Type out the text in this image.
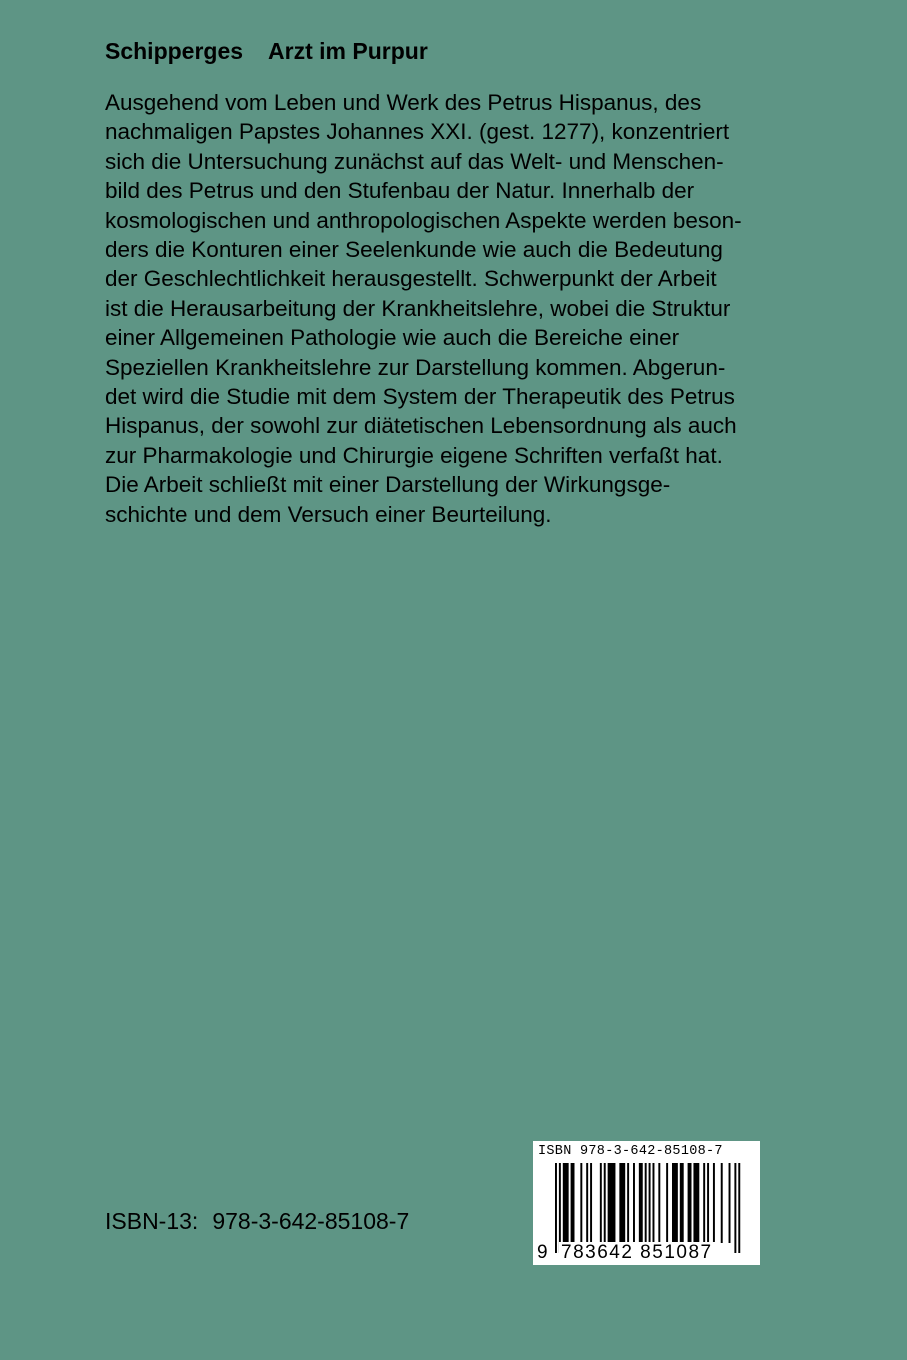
Schipperges Arzt im Purpur
Ausgehend vom Leben und Werk des Petrus Hispanus, des
nachmaligen Papstes Johannes XXI. (gest. 1277), konzentriert
sich die Untersuchung zunächst auf das Welt- und Menschen-
bild des Petrus und den Stufenbau der Natur. Innerhalb der
kosmologischen und anthropologischen Aspekte werden beson-
ders die Konturen einer Seelenkunde wie auch die Bedeutung
der Geschlechtlichkeit herausgestellt. Schwerpunkt der Arbeit
ist die Herausarbeitung der Krankheitslehre, wobei die Struktur
einer Allgemeinen Pathologie wie auch die Bereiche einer
Speziellen Krankheitslehre zur Darstellung kommen. Abgerun-
det wird die Studie mit dem System der Therapeutik des Petrus
Hispanus, der sowohl zur diätetischen Lebensordnung als auch
zur Pharmakologie und Chirurgie eigene Schriften verfaßt hat.
Die Arbeit schließt mit einer Darstellung der Wirkungsge-
schichte und dem Versuch einer Beurteilung.
ISBN-13: 978-3-642-85108-7
ISBN 978-3-642-85108-7
9 783642 851087
